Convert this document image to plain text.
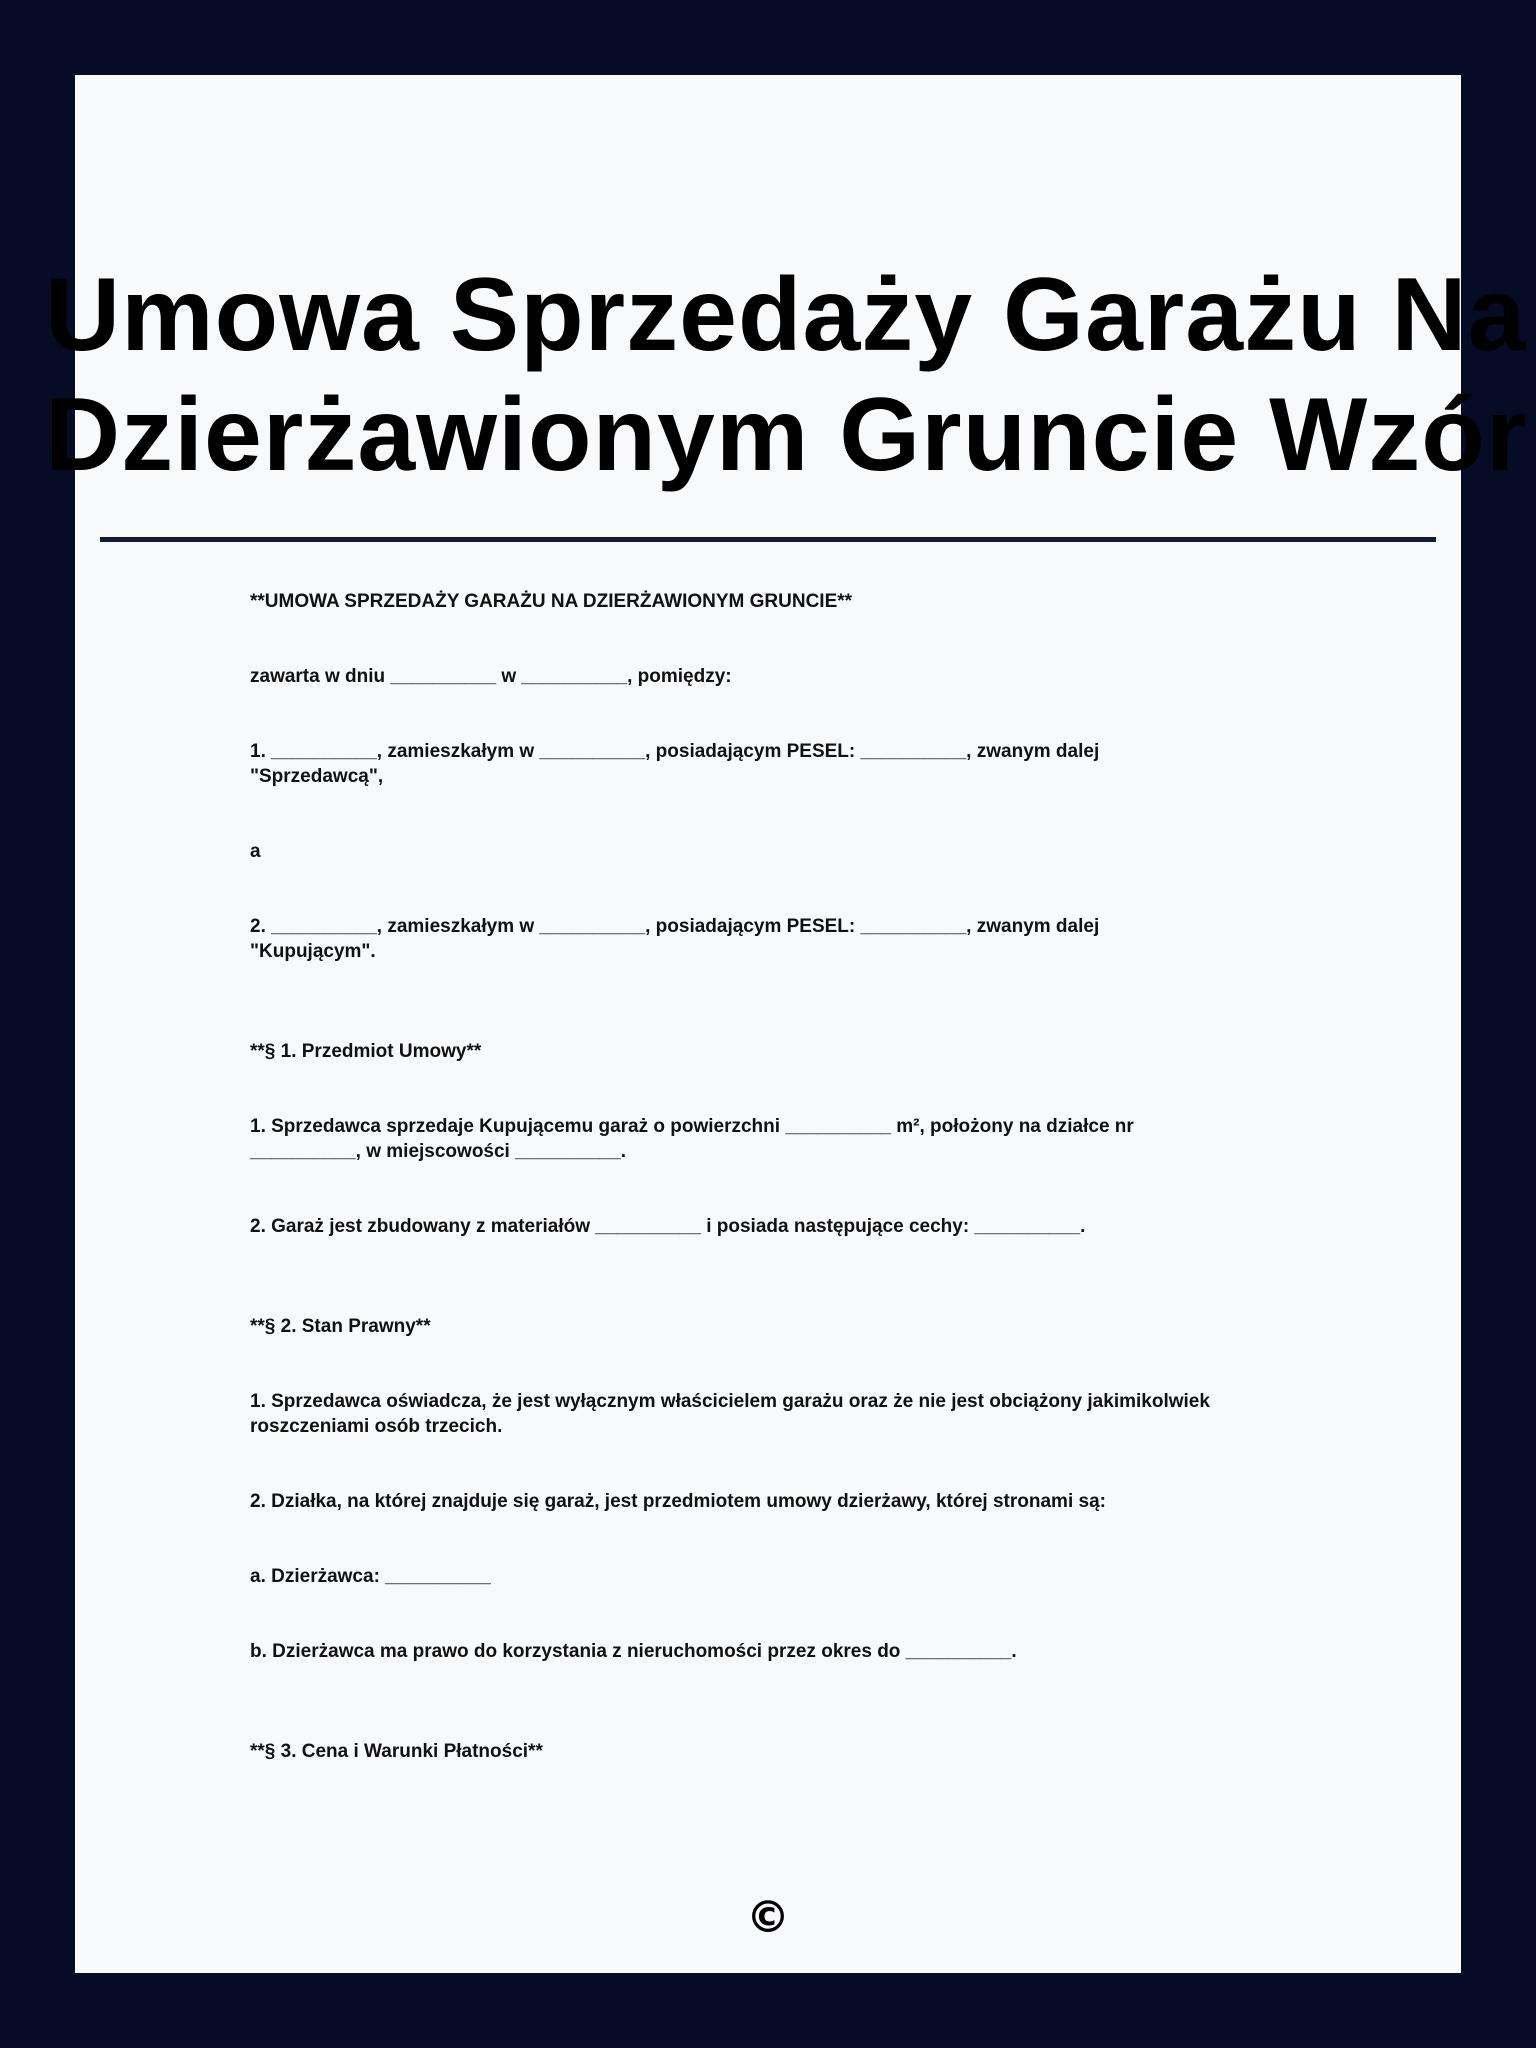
Umowa Sprzedaży Garażu Na
Dzierżawionym Gruncie Wzór

**UMOWA SPRZEDAŻY GARAŻU NA DZIERŻAWIONYM GRUNCIE**

zawarta w dniu __________ w __________, pomiędzy:

1. __________, zamieszkałym w __________, posiadającym PESEL: __________, zwanym dalej
"Sprzedawcą",

a

2. __________, zamieszkałym w __________, posiadającym PESEL: __________, zwanym dalej
"Kupującym".

**§ 1. Przedmiot Umowy**

1. Sprzedawca sprzedaje Kupującemu garaż o powierzchni __________ m², położony na działce nr
__________, w miejscowości __________.

2. Garaż jest zbudowany z materiałów __________ i posiada następujące cechy: __________.

**§ 2. Stan Prawny**

1. Sprzedawca oświadcza, że jest wyłącznym właścicielem garażu oraz że nie jest obciążony jakimikolwiek
roszczeniami osób trzecich.

2. Działka, na której znajduje się garaż, jest przedmiotem umowy dzierżawy, której stronami są:

a. Dzierżawca: __________

b. Dzierżawca ma prawo do korzystania z nieruchomości przez okres do __________.

**§ 3. Cena i Warunki Płatności**

©
